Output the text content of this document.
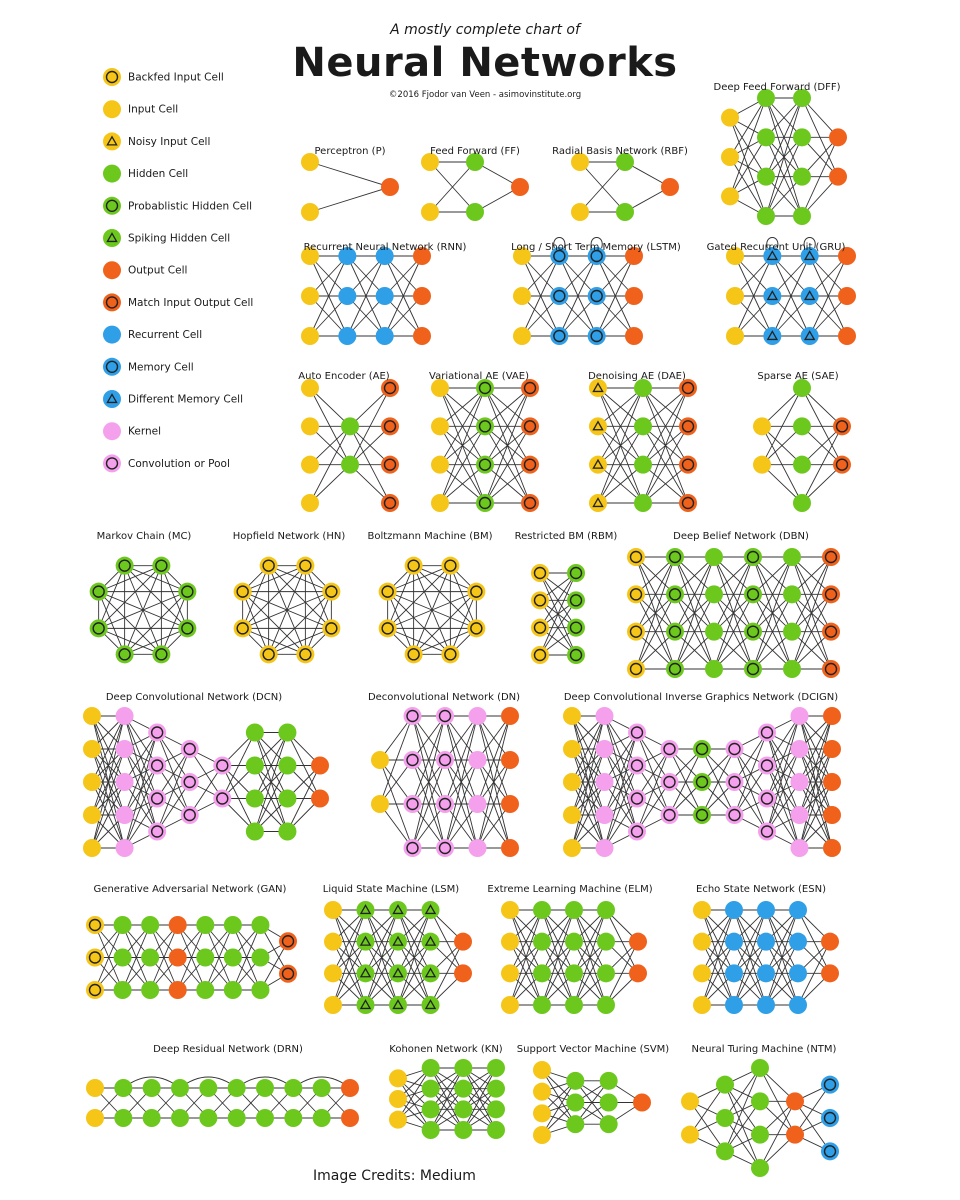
Backfed Input Cell
Input Cell
Noisy Input Cell
Hidden Cell
Probablistic Hidden Cell
Spiking Hidden Cell
Output Cell
Match Input Output Cell
Recurrent Cell
Memory Cell
Different Memory Cell
Kernel
Convolution or Pool
Perceptron (P)	Feed Forward (FF)	Radial Basis Network (RBF)
Deep Feed Forward (DFF)
Recurrent Neural Network (RNN)	Long / Short Term Memory (LSTM)	Gated Recurrent Unit (GRU)
Auto Encoder (AE)	Variational AE (VAE)	Denoising AE (DAE)	Sparse AE (SAE)
Markov Chain (MC)	Hopfield Network (HN) Boltzmann Machine (BM) Restricted BM (RBM)	Deep Belief Network (DBN)
Deep Convolutional Network (DCN)	Deconvolutional Network (DN)	Deep Convolutional Inverse Graphics Network (DCIGN)
Generative Adversarial Network (GAN)	Liquid State Machine (LSM)	Extreme Learning Machine (ELM)	Echo State Network (ESN)
Deep Residual Network (DRN)	Kohonen Network (KN) Support Vector Machine (SVM) Neural Turing Machine (NTM)
A mostly complete chart of
Neural Networks
©2016 Fjodor van Veen - asimovinstitute.org
Image Credits: Medium
